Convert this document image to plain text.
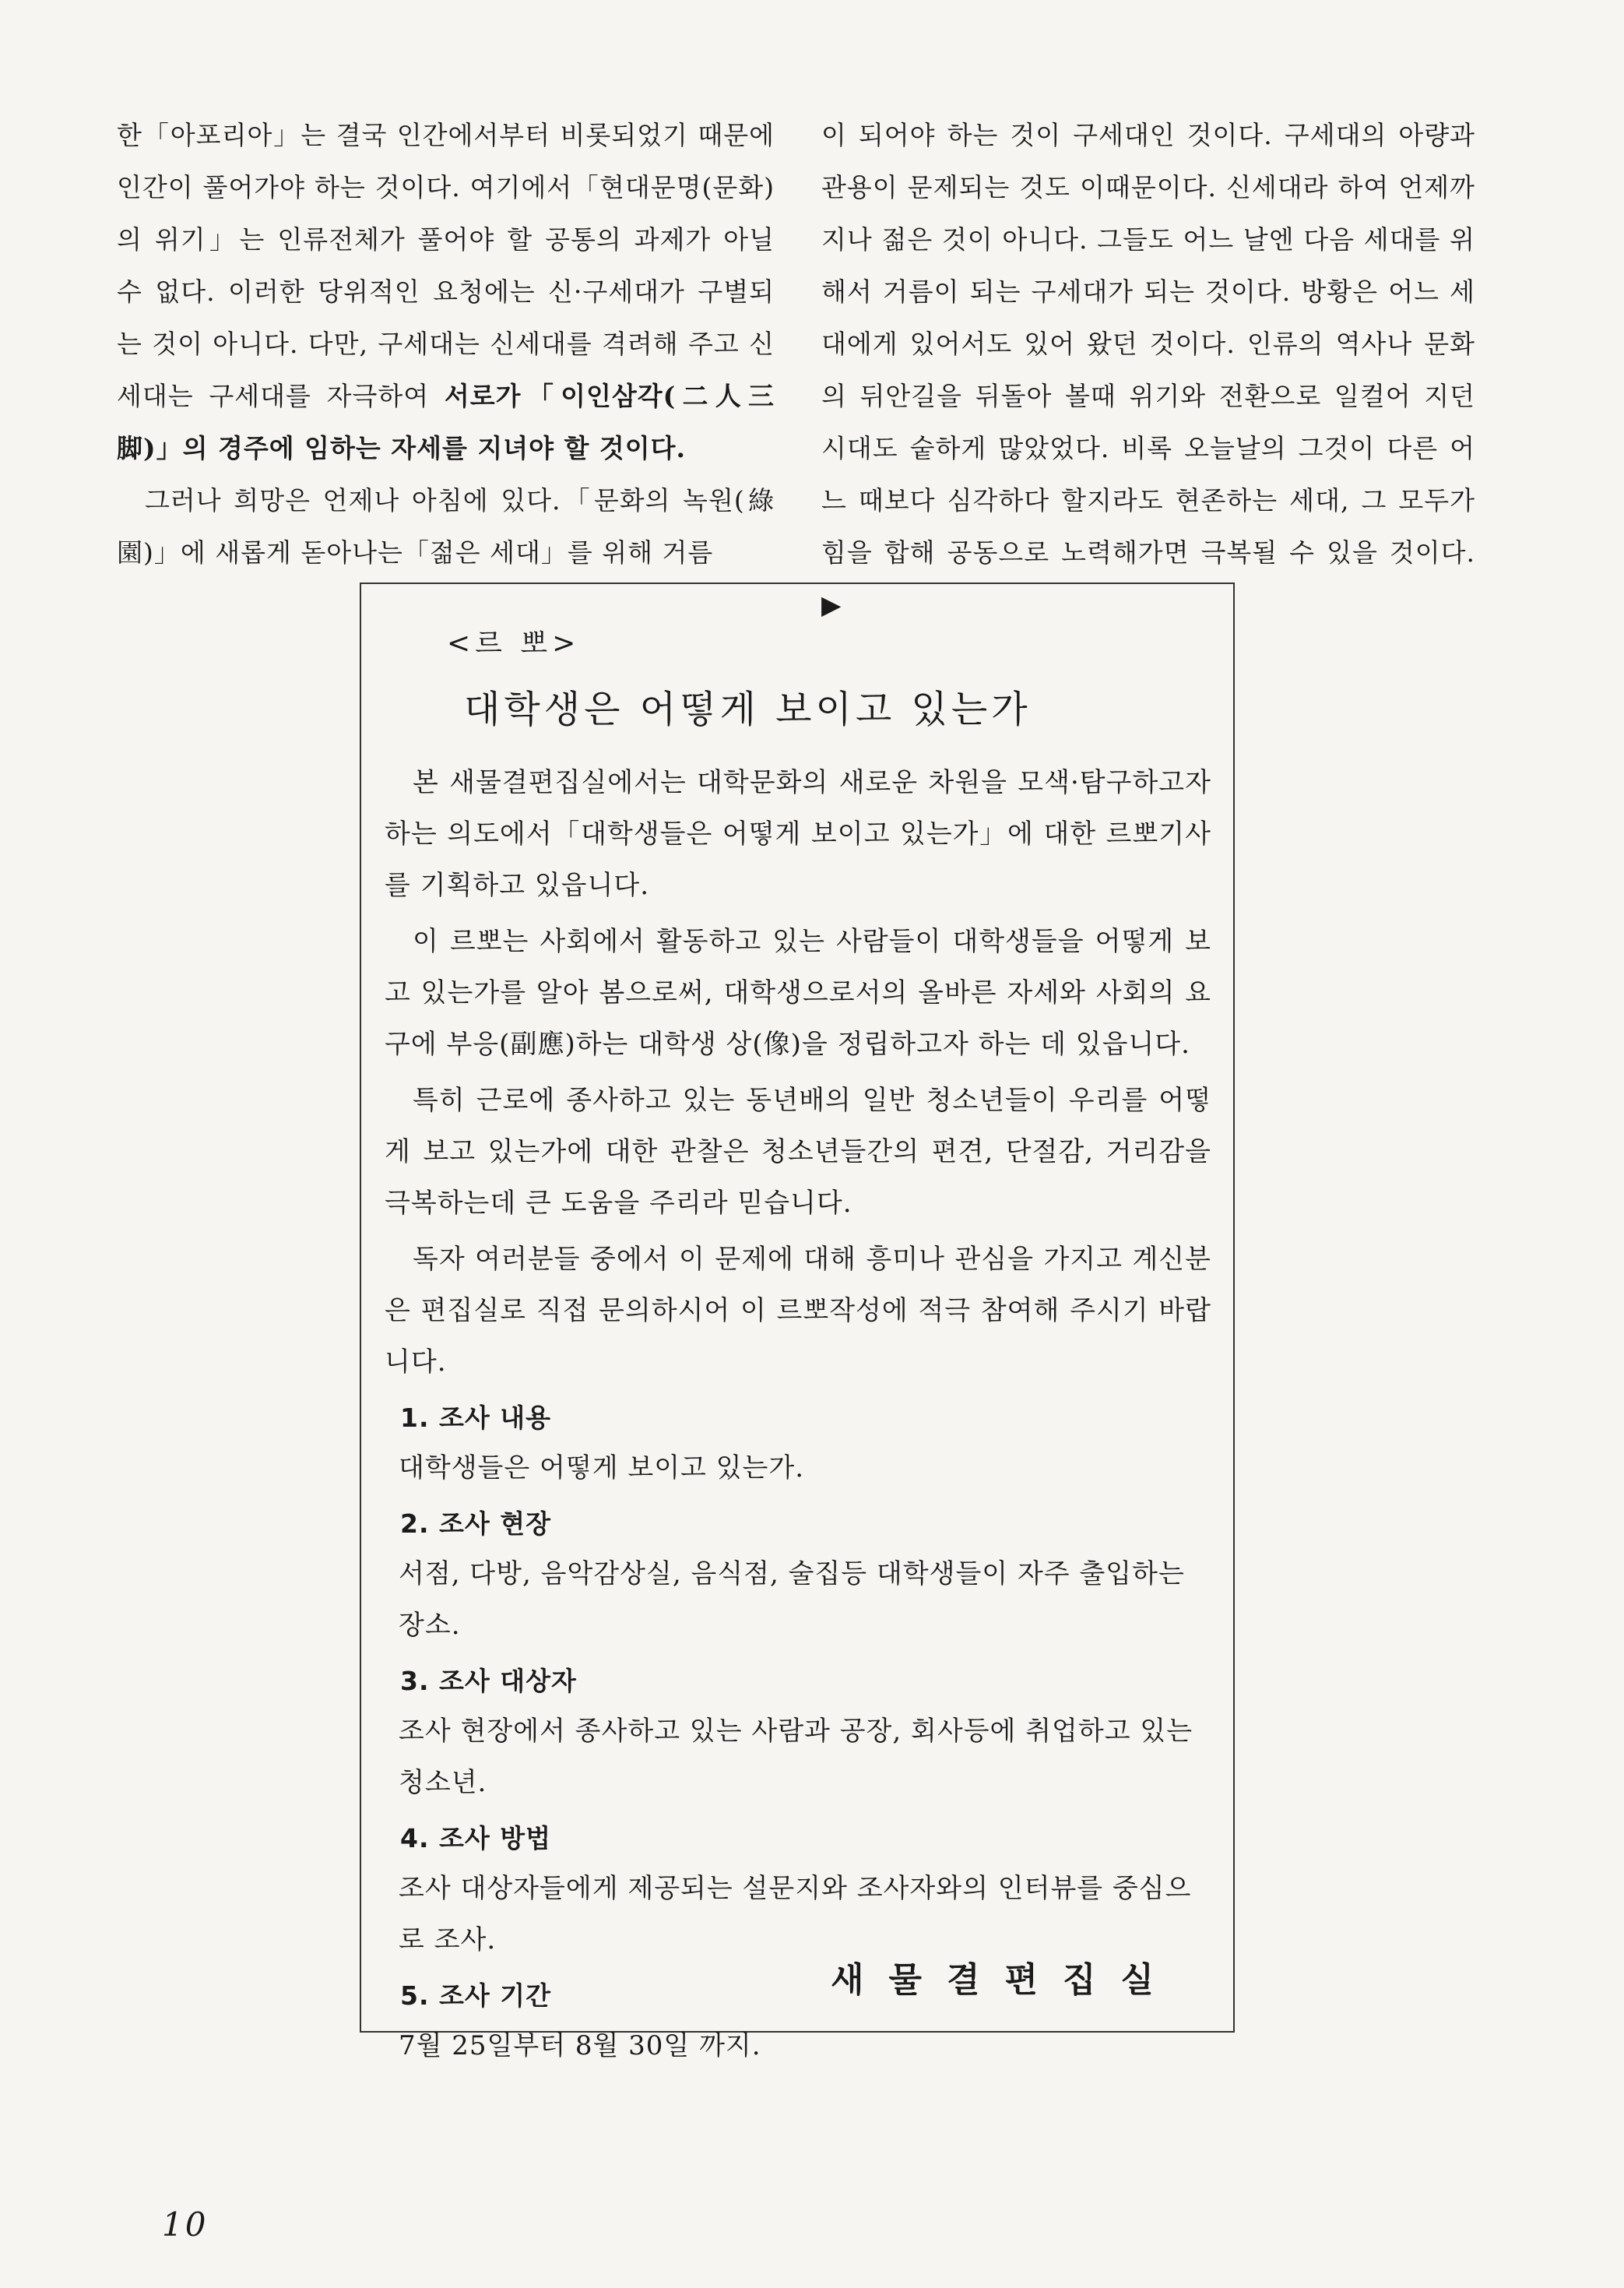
한「아포리아」는 결국 인간에서부터 비롯되었기 때문에 인간이 풀어가야 하는 것이다. 여기에서「현대문명(문화)의 위기」는 인류전체가 풀어야 할 공통의 과제가 아닐 수 없다. 이러한 당위적인 요청에는 신·구세대가 구별되는 것이 아니다. 다만, 구세대는 신세대를 격려해 주고 신세대는 구세대를 자극하여 서로가「이인삼각(二人三脚)」의 경주에 임하는 자세를 지녀야 할 것이다.

그러나 희망은 언제나 아침에 있다.「문화의 녹원(綠園)」에 새롭게 돋아나는「젊은 세대」를 위해 거름

이 되어야 하는 것이 구세대인 것이다. 구세대의 아량과 관용이 문제되는 것도 이때문이다. 신세대라 하여 언제까지나 젊은 것이 아니다. 그들도 어느 날엔 다음 세대를 위해서 거름이 되는 구세대가 되는 것이다. 방황은 어느 세대에게 있어서도 있어 왔던 것이다. 인류의 역사나 문화의 뒤안길을 뒤돌아 볼때 위기와 전환으로 일컬어 지던 시대도 숱하게 많았었다. 비록 오늘날의 그것이 다른 어느 때보다 심각하다 할지라도 현존하는 세대, 그 모두가 힘을 합해 공동으로 노력해가면 극복될 수 있을 것이다. ▶

<르 뽀>
대학생은 어떻게 보이고 있는가

본 새물결편집실에서는 대학문화의 새로운 차원을 모색·탐구하고자 하는 의도에서「대학생들은 어떻게 보이고 있는가」에 대한 르뽀기사를 기획하고 있읍니다.

이 르뽀는 사회에서 활동하고 있는 사람들이 대학생들을 어떻게 보고 있는가를 알아 봄으로써, 대학생으로서의 올바른 자세와 사회의 요구에 부응(副應)하는 대학생 상(像)을 정립하고자 하는 데 있읍니다.

특히 근로에 종사하고 있는 동년배의 일반 청소년들이 우리를 어떻게 보고 있는가에 대한 관찰은 청소년들간의 편견, 단절감, 거리감을 극복하는데 큰 도움을 주리라 믿습니다.

독자 여러분들 중에서 이 문제에 대해 흥미나 관심을 가지고 계신분은 편집실로 직접 문의하시어 이 르뽀작성에 적극 참여해 주시기 바랍니다.

1. 조사 내용
대학생들은 어떻게 보이고 있는가.
2. 조사 현장
서점, 다방, 음악감상실, 음식점, 술집등 대학생들이 자주 출입하는 장소.
3. 조사 대상자
조사 현장에서 종사하고 있는 사람과 공장, 회사등에 취업하고 있는 청소년.
4. 조사 방법
조사 대상자들에게 제공되는 설문지와 조사자와의 인터뷰를 중심으로 조사.
5. 조사 기간
7월 25일부터 8월 30일 까지.
새물결편집실
10
